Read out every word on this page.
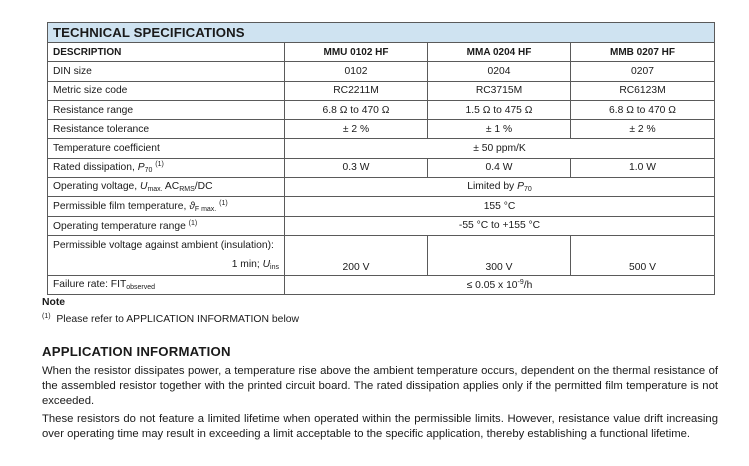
TECHNICAL SPECIFICATIONS			
DESCRIPTION	MMU 0102 HF	MMA 0204 HF	MMB 0207 HF
DIN size	0102	0204	0207
Metric size code	RC2211M	RC3715M	RC6123M
Resistance range	6.8 Ω to 470 Ω	1.5 Ω to 475 Ω	6.8 Ω to 470 Ω
Resistance tolerance	± 2 %	± 1 %	± 2 %
Temperature coefficient	± 50 ppm/K		
Rated dissipation, $P_{70}$ $^{(1)}$	0.3 W	0.4 W	1.0 W
Operating voltage, $U_{max.}$ $AC_{RMS}/DC$	Limited by $P_{70}$
Permissible film temperature, $ϑ_{F max.}$ $^{(1)}$	155 °C		
Operating temperature range $^{(1)}$	-55 °C to +155 °C		

Permissible voltage against ambient (insulation):
1 min; $U_{ins}$	200 V	300 V	500 V
Failure rate: $FIT_{observed}$	≤ 0.05 x $10^{-9}/h$		
Note
$^{(1)}$ Please refer to APPLICATION INFORMATION below
APPLICATION INFORMATION

When the resistor dissipates power, a temperature rise above the ambient temperature occurs, dependent on the thermal resistance of the assembled resistor together with the printed circuit board. The rated dissipation applies only if the permitted film temperature is not exceeded.

These resistors do not feature a limited lifetime when operated within the permissible limits. However, resistance value drift increasing over operating time may result in exceeding a limit acceptable to the specific application, thereby establishing a functional lifetime.
